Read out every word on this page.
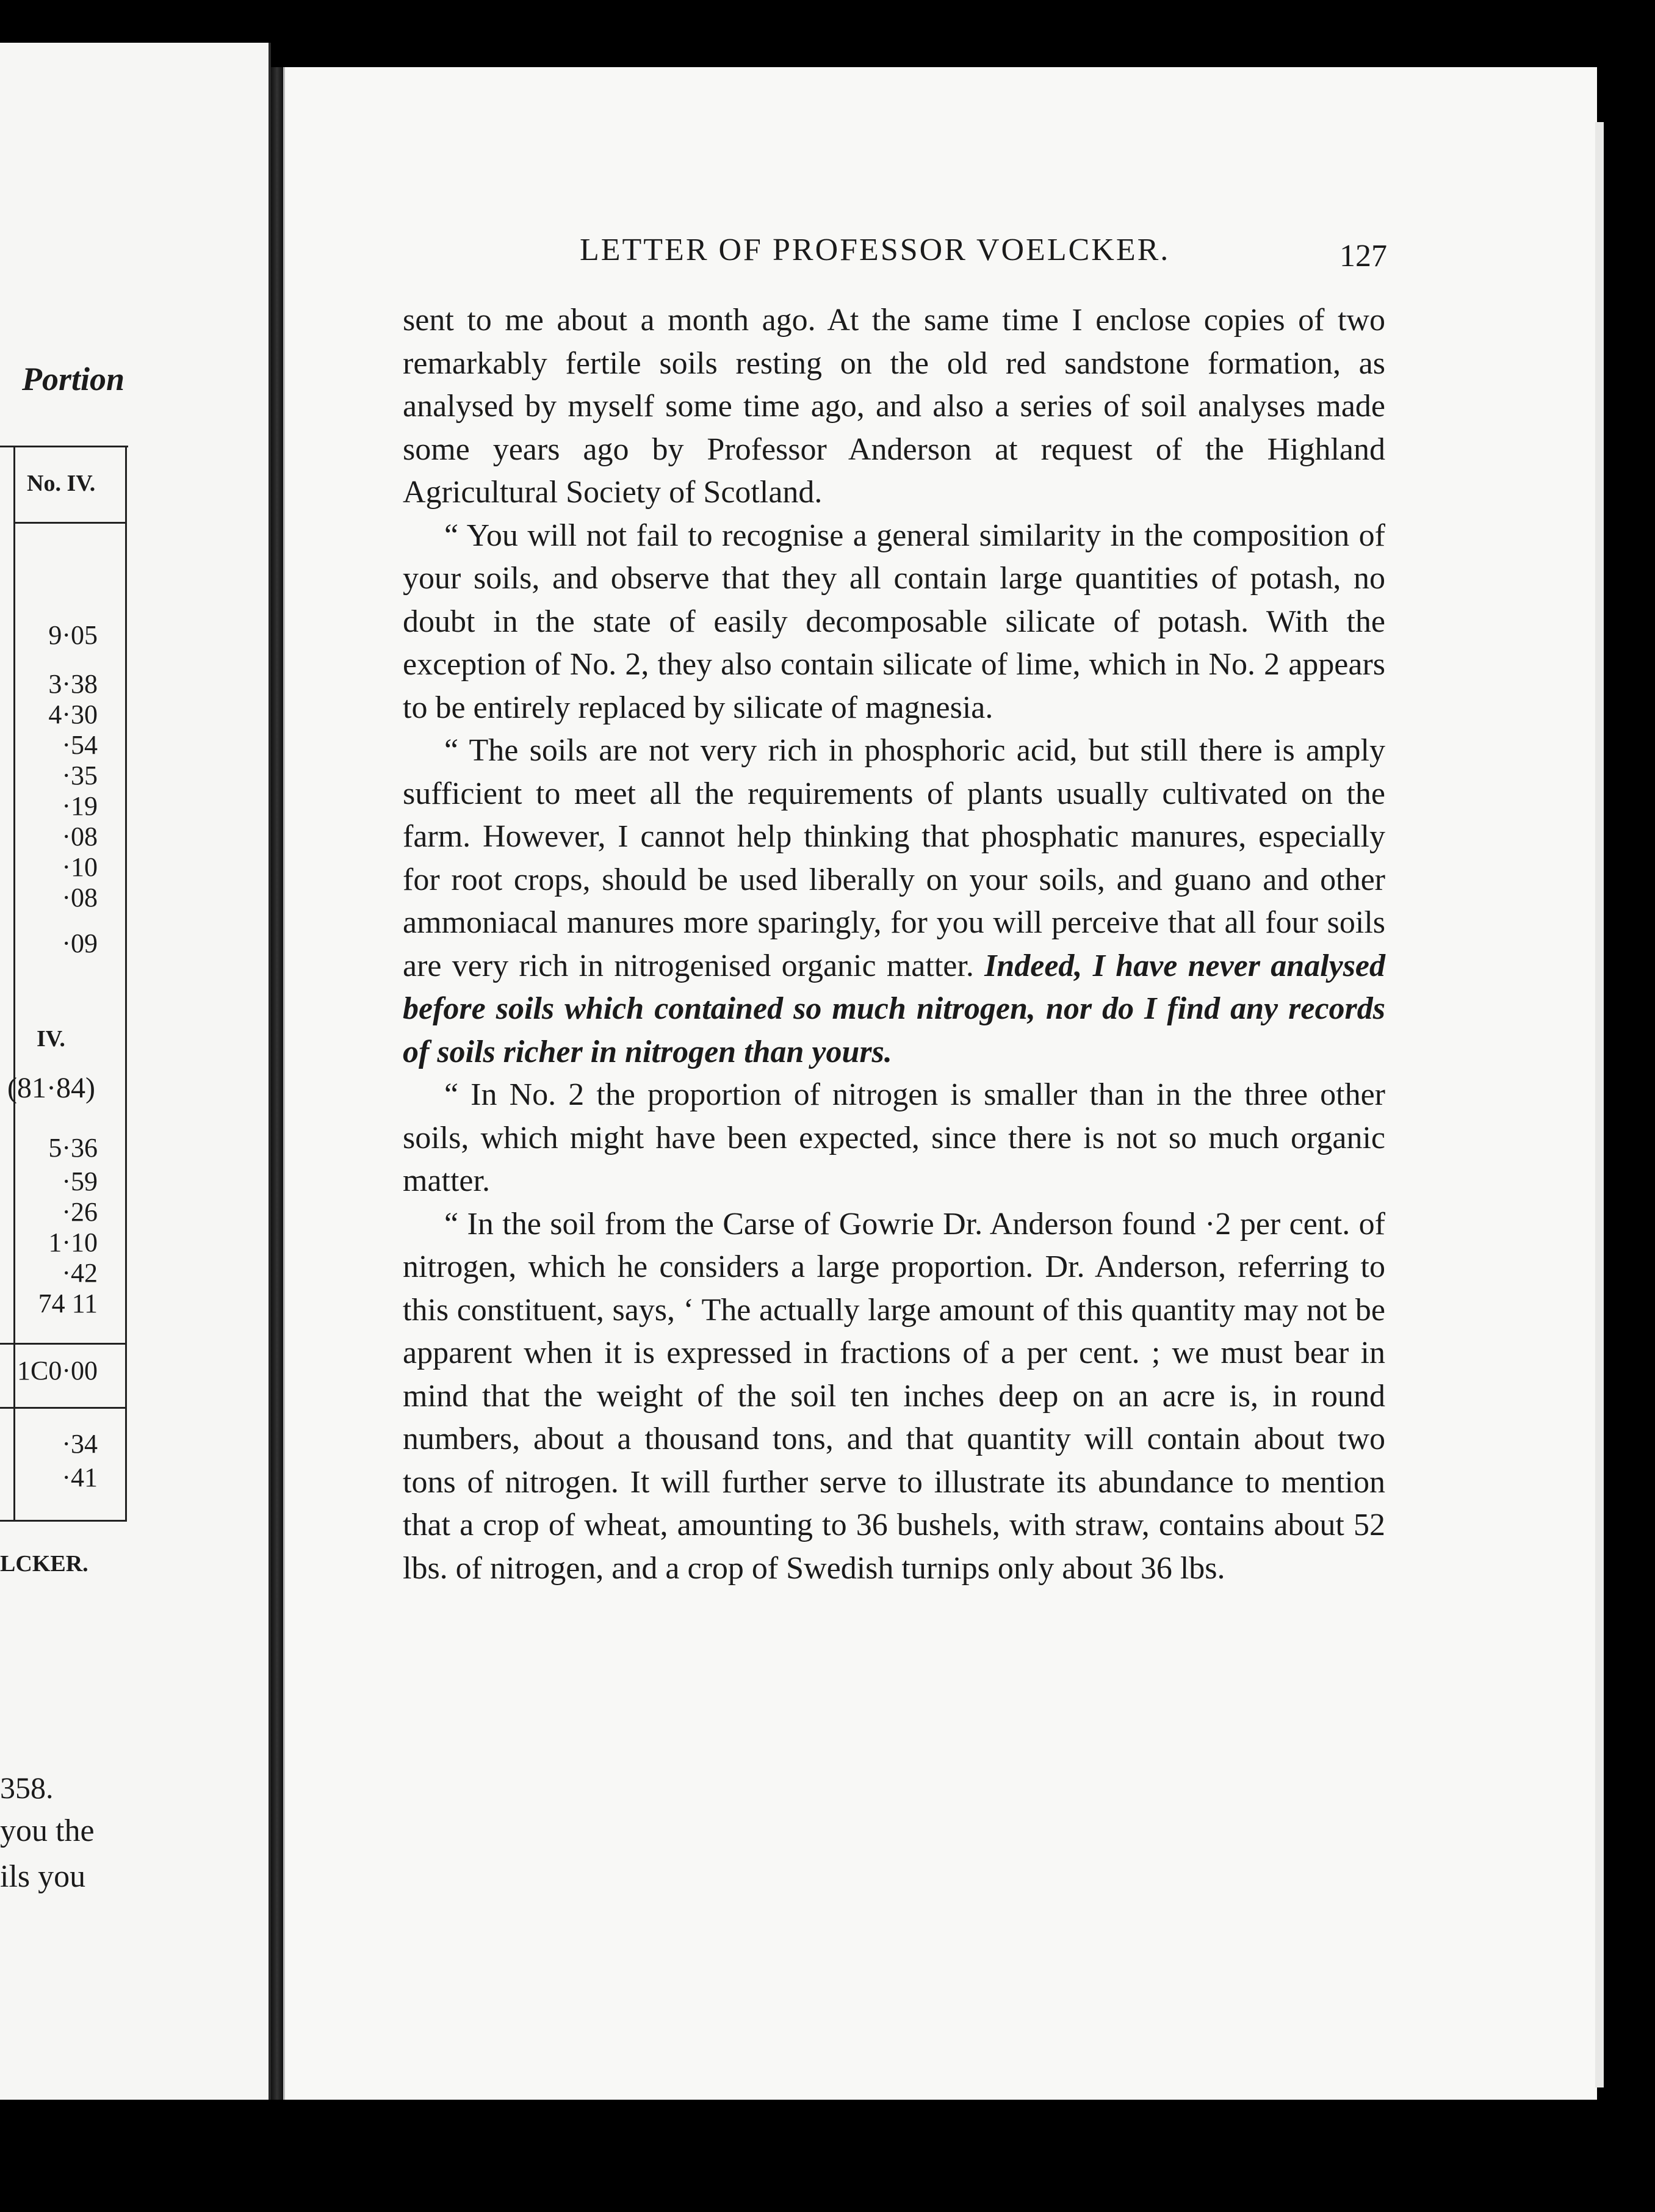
Portion
No. IV.
9·05
3·38
4·30
·54
·35
·19
·08
·10
·08
·09
IV.
(81·84)
5·36
·59
·26
1·10
·42
74 11
1C0·00
·34
·41
LCKER.
358.
you the
ils you
LETTER OF PROFESSOR VOELCKER.	127

sent to me about a month ago. At the same time I enclose copies of two remarkably fertile soils resting on the old red sandstone formation, as analysed by myself some time ago, and also a series of soil analyses made some years ago by Professor Anderson at request of the Highland Agricultural Society of Scotland.

“ You will not fail to recognise a general similarity in the composition of your soils, and observe that they all contain large quantities of potash, no doubt in the state of easily decomposable silicate of potash. With the exception of No. 2, they also contain silicate of lime, which in No. 2 appears to be entirely replaced by silicate of magnesia.

“ The soils are not very rich in phosphoric acid, but still there is amply sufficient to meet all the requirements of plants usually cultivated on the farm. However, I cannot help thinking that phosphatic manures, especially for root crops, should be used liberally on your soils, and guano and other ammoniacal manures more sparingly, for you will perceive that all four soils are very rich in nitrogenised organic matter. Indeed, I have never analysed before soils which contained so much nitrogen, nor do I find any records of soils richer in nitrogen than yours.

“ In No. 2 the proportion of nitrogen is smaller than in the three other soils, which might have been expected, since there is not so much organic matter.

“ In the soil from the Carse of Gowrie Dr. Anderson found ·2 per cent. of nitrogen, which he considers a large proportion. Dr. Anderson, referring to this constituent, says, ‘ The actually large amount of this quantity may not be apparent when it is expressed in fractions of a per cent. ; we must bear in mind that the weight of the soil ten inches deep on an acre is, in round numbers, about a thousand tons, and that quantity will contain about two tons of nitrogen. It will further serve to illustrate its abundance to mention that a crop of wheat, amounting to 36 bushels, with straw, contains about 52 lbs. of nitrogen, and a crop of Swedish turnips only about 36 lbs.
